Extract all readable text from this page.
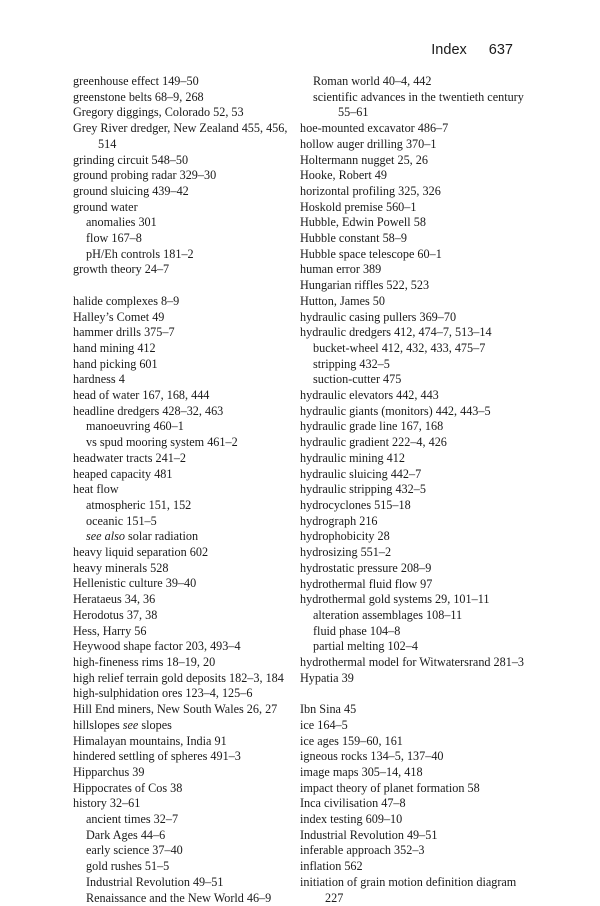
Index 637
greenhouse effect 149–50
greenstone belts 68–9, 268
Gregory diggings, Colorado 52, 53
Grey River dredger, New Zealand 455, 456, 514
grinding circuit 548–50
ground probing radar 329–30
ground sluicing 439–42
ground water
anomalies 301
flow 167–8
pH/Eh controls 181–2
growth theory 24–7
halide complexes 8–9
Halley’s Comet 49
hammer drills 375–7
hand mining 412
hand picking 601
hardness 4
head of water 167, 168, 444
headline dredgers 428–32, 463
manoeuvring 460–1
vs spud mooring system 461–2
headwater tracts 241–2
heaped capacity 481
heat flow
atmospheric 151, 152
oceanic 151–5
see also solar radiation
heavy liquid separation 602
heavy minerals 528
Hellenistic culture 39–40
Herataeus 34, 36
Herodotus 37, 38
Hess, Harry 56
Heywood shape factor 203, 493–4
high-fineness rims 18–19, 20
high relief terrain gold deposits 182–3, 184
high-sulphidation ores 123–4, 125–6
Hill End miners, New South Wales 26, 27
hillslopes see slopes
Himalayan mountains, India 91
hindered settling of spheres 491–3
Hipparchus 39
Hippocrates of Cos 38
history 32–61
ancient times 32–7
Dark Ages 44–6
early science 37–40
gold rushes 51–5
Industrial Revolution 49–51
Renaissance and the New World 46–9
Roman world 40–4, 442
scientific advances in the twentieth century 55–61
hoe-mounted excavator 486–7
hollow auger drilling 370–1
Holtermann nugget 25, 26
Hooke, Robert 49
horizontal profiling 325, 326
Hoskold premise 560–1
Hubble, Edwin Powell 58
Hubble constant 58–9
Hubble space telescope 60–1
human error 389
Hungarian riffles 522, 523
Hutton, James 50
hydraulic casing pullers 369–70
hydraulic dredgers 412, 474–7, 513–14
bucket-wheel 412, 432, 433, 475–7
stripping 432–5
suction-cutter 475
hydraulic elevators 442, 443
hydraulic giants (monitors) 442, 443–5
hydraulic grade line 167, 168
hydraulic gradient 222–4, 426
hydraulic mining 412
hydraulic sluicing 442–7
hydraulic stripping 432–5
hydrocyclones 515–18
hydrograph 216
hydrophobicity 28
hydrosizing 551–2
hydrostatic pressure 208–9
hydrothermal fluid flow 97
hydrothermal gold systems 29, 101–11
alteration assemblages 108–11
fluid phase 104–8
partial melting 102–4
hydrothermal model for Witwatersrand 281–3
Hypatia 39
Ibn Sina 45
ice 164–5
ice ages 159–60, 161
igneous rocks 134–5, 137–40
image maps 305–14, 418
impact theory of planet formation 58
Inca civilisation 47–8
index testing 609–10
Industrial Revolution 49–51
inferable approach 352–3
inflation 562
initiation of grain motion definition diagram 227
